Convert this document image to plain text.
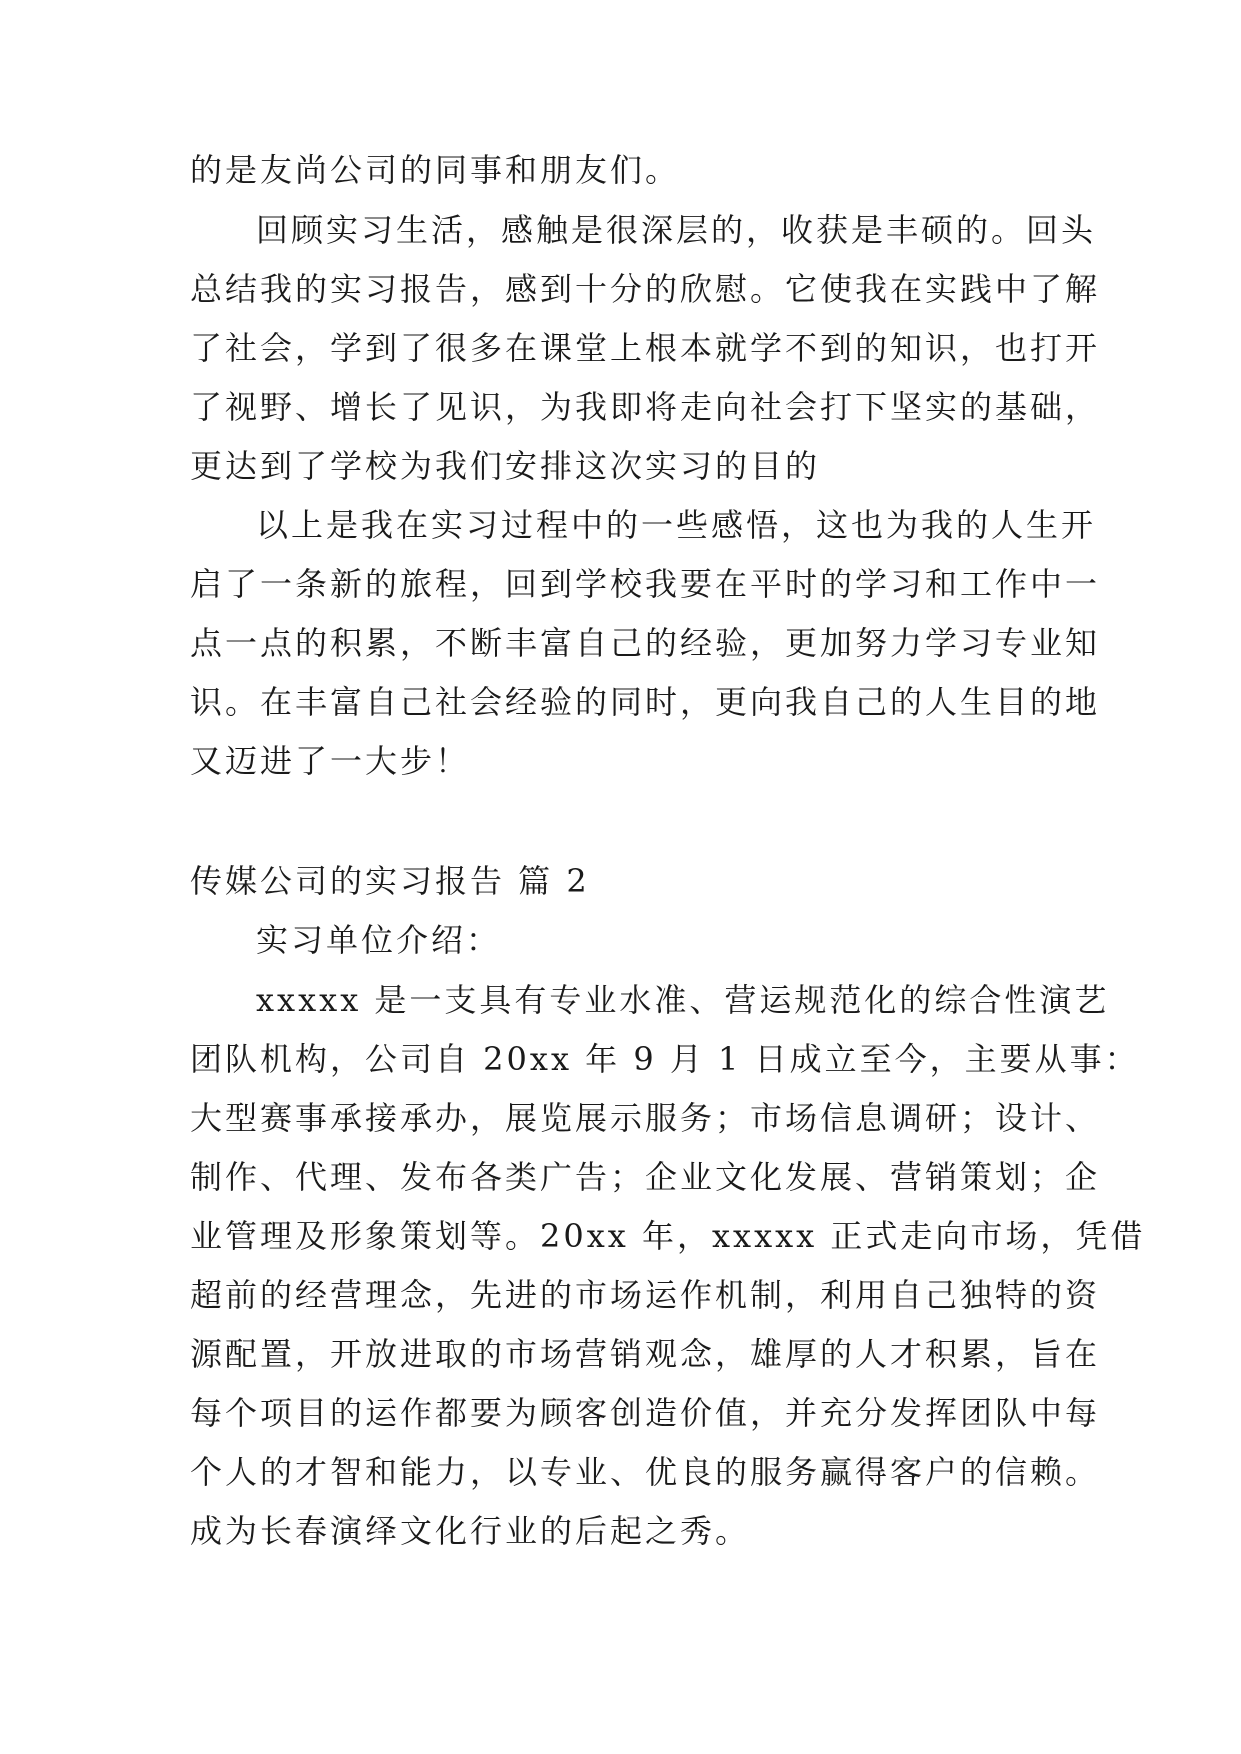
的是友尚公司的同事和朋友们。
回顾实习生活，感触是很深层的，收获是丰硕的。回头
总结我的实习报告，感到十分的欣慰。它使我在实践中了解
了社会，学到了很多在课堂上根本就学不到的知识，也打开
了视野、增长了见识，为我即将走向社会打下坚实的基础，
更达到了学校为我们安排这次实习的目的
以上是我在实习过程中的一些感悟，这也为我的人生开
启了一条新的旅程，回到学校我要在平时的学习和工作中一
点一点的积累，不断丰富自己的经验，更加努力学习专业知
识。在丰富自己社会经验的同时，更向我自己的人生目的地
又迈进了一大步！
传媒公司的实习报告 篇 2
实习单位介绍：
xxxxx 是一支具有专业水准、营运规范化的综合性演艺
团队机构，公司自 20xx 年 9 月 1 日成立至今，主要从事：
大型赛事承接承办，展览展示服务；市场信息调研；设计、
制作、代理、发布各类广告；企业文化发展、营销策划；企
业管理及形象策划等。20xx 年，xxxxx 正式走向市场，凭借
超前的经营理念，先进的市场运作机制，利用自己独特的资
源配置，开放进取的市场营销观念，雄厚的人才积累，旨在
每个项目的运作都要为顾客创造价值，并充分发挥团队中每
个人的才智和能力，以专业、优良的服务赢得客户的信赖。
成为长春演绎文化行业的后起之秀。
